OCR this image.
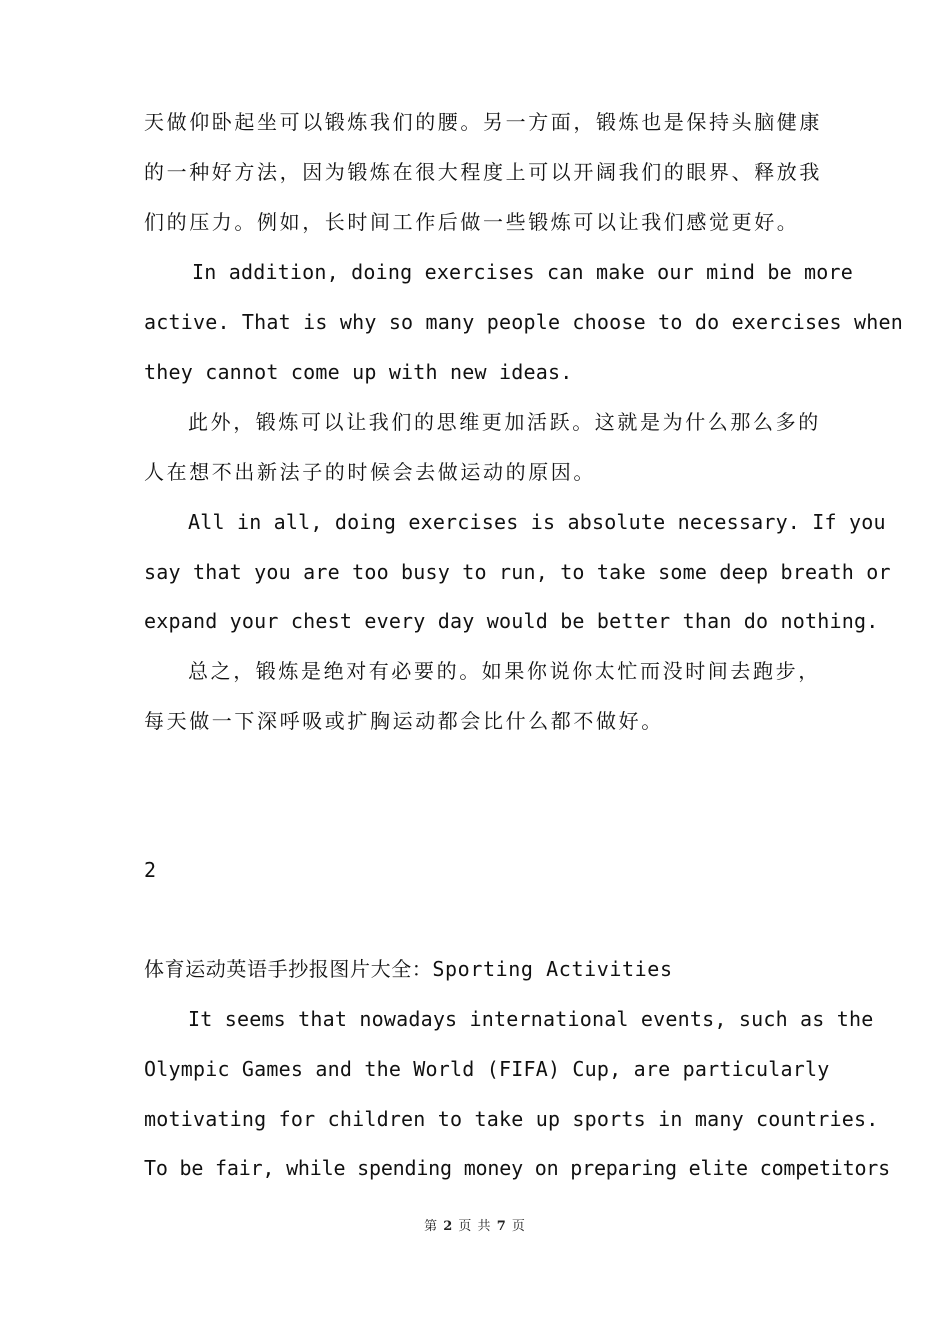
天做仰卧起坐可以锻炼我们的腰。另一方面，锻炼也是保持头脑健康
的一种好方法，因为锻炼在很大程度上可以开阔我们的眼界、释放我
们的压力。例如，长时间工作后做一些锻炼可以让我们感觉更好。
In addition, doing exercises can make our mind be more
active. That is why so many people choose to do exercises when
they cannot come up with new ideas.
此外，锻炼可以让我们的思维更加活跃。这就是为什么那么多的
人在想不出新法子的时候会去做运动的原因。
All in all, doing exercises is absolute necessary. If you
say that you are too busy to run, to take some deep breath or
expand your chest every day would be better than do nothing.
总之，锻炼是绝对有必要的。如果你说你太忙而没时间去跑步，
每天做一下深呼吸或扩胸运动都会比什么都不做好。
2
体育运动英语手抄报图片大全：Sporting Activities
It seems that nowadays international events, such as the
Olympic Games and the World (FIFA) Cup, are particularly
motivating for children to take up sports in many countries.
To be fair, while spending money on preparing elite competitors
第 2 页 共 7 页
